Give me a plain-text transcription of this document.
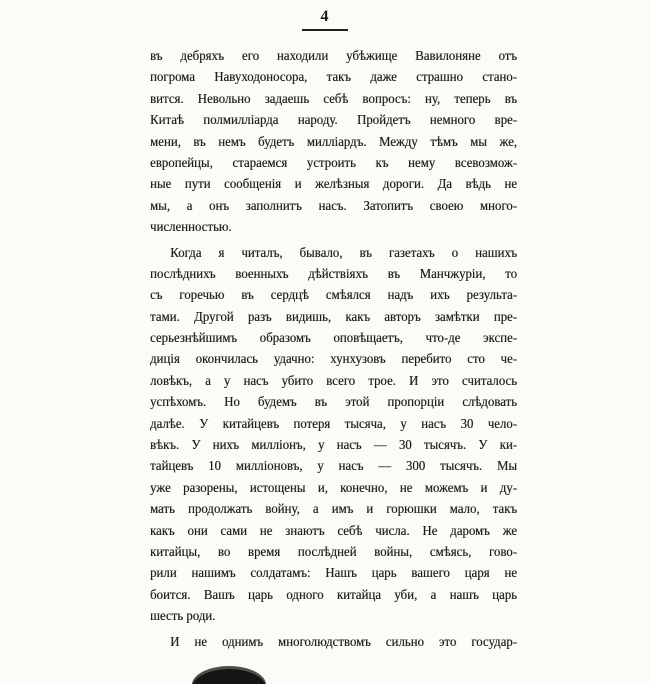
4
въ дебряхъ его находили убѣжище Вавилоняне отъ
погрома Навуходоносора, такъ даже страшно стано-
вится. Невольно задаешь себѣ вопросъ: ну, теперь въ
Китаѣ полмилліарда народу. Пройдетъ немного вре-
мени, въ немъ будетъ милліардъ. Между тѣмъ мы же,
европейцы, стараемся устроить къ нему всевозмож-
ные пути сообщенія и желѣзныя дороги. Да вѣдь не
мы, а онъ заполнитъ насъ. Затопитъ своею много-
численностью.
Когда я читалъ, бывало, въ газетахъ о нашихъ
послѣднихъ военныхъ дѣйствіяхъ въ Манчжуріи, то
съ горечью въ сердцѣ смѣялся надъ ихъ результа-
тами. Другой разъ видишь, какъ авторъ замѣтки пре-
серьезнѣйшимъ образомъ оповѣщаетъ, что-де экспе-
диція окончилась удачно: хунхузовъ перебито сто че-
ловѣкъ, а у насъ убито всего трое. И это считалось
успѣхомъ. Но будемъ въ этой пропорціи слѣдовать
далѣе. У китайцевъ потеря тысяча, у насъ 30 чело-
вѣкъ. У нихъ милліонъ, у насъ — 30 тысячъ. У ки-
тайцевъ 10 милліоновъ, у насъ — 300 тысячъ. Мы
уже разорены, истощены и, конечно, не можемъ и ду-
мать продолжать войну, а имъ и горюшки мало, такъ
какъ они сами не знаютъ себѣ числа. Не даромъ же
китайцы, во время послѣдней войны, смѣясь, гово-
рили нашимъ солдатамъ: Нашъ царь вашего царя не
боится. Вашъ царь одного китайца уби, а нашъ царь
шесть роди.
И не однимъ многолюдствомъ сильно это государ-
